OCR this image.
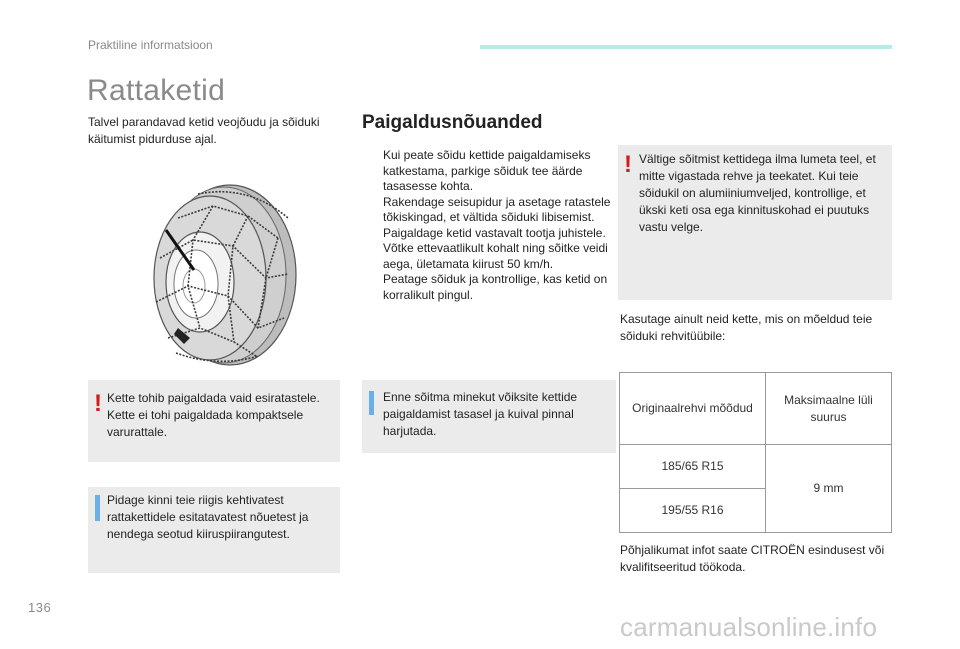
Praktiline informatsioon
Rattaketid
Talvel parandavad ketid veojõudu ja sõiduki käitumist pidurduse ajal.
! Kette tohib paigaldada vaid esiratastele. Kette ei tohi paigaldada kompaktsele varurattale.
Pidage kinni teie riigis kehtivatest rattakettidele esitatavatest nõuetest ja nendega seotud kiiruspiirangutest.
Paigaldusnõuanded

Kui peate sõidu kettide paigaldamiseks katkestama, parkige sõiduk tee äärde tasasesse kohta.

Rakendage seisupidur ja asetage ratastele tõkiskingad, et vältida sõiduki libisemist.

Paigaldage ketid vastavalt tootja juhistele.

Võtke ettevaatlikult kohalt ning sõitke veidi aega, ületamata kiirust 50 km/h.

Peatage sõiduk ja kontrollige, kas ketid on korralikult pingul.

Enne sõitma minekut võiksite kettide paigaldamist tasasel ja kuival pinnal harjutada.
! Vältige sõitmist kettidega ilma lumeta teel, et mitte vigastada rehve ja teekatet. Kui teie sõidukil on alumiiniumveljed, kontrollige, et ükski keti osa ega kinnituskohad ei puutuks vastu velge.
Kasutage ainult neid kette, mis on mõeldud teie sõiduki rehvitüübile:
Originaalrehvi mõõdud	Maksimaalne lüli suurus
185/65 R15	9 mm
195/55 R16	
Põhjalikumat infot saate CITROËN esindusest või kvalifitseeritud töökoda.
136
carmanualsonline.info
